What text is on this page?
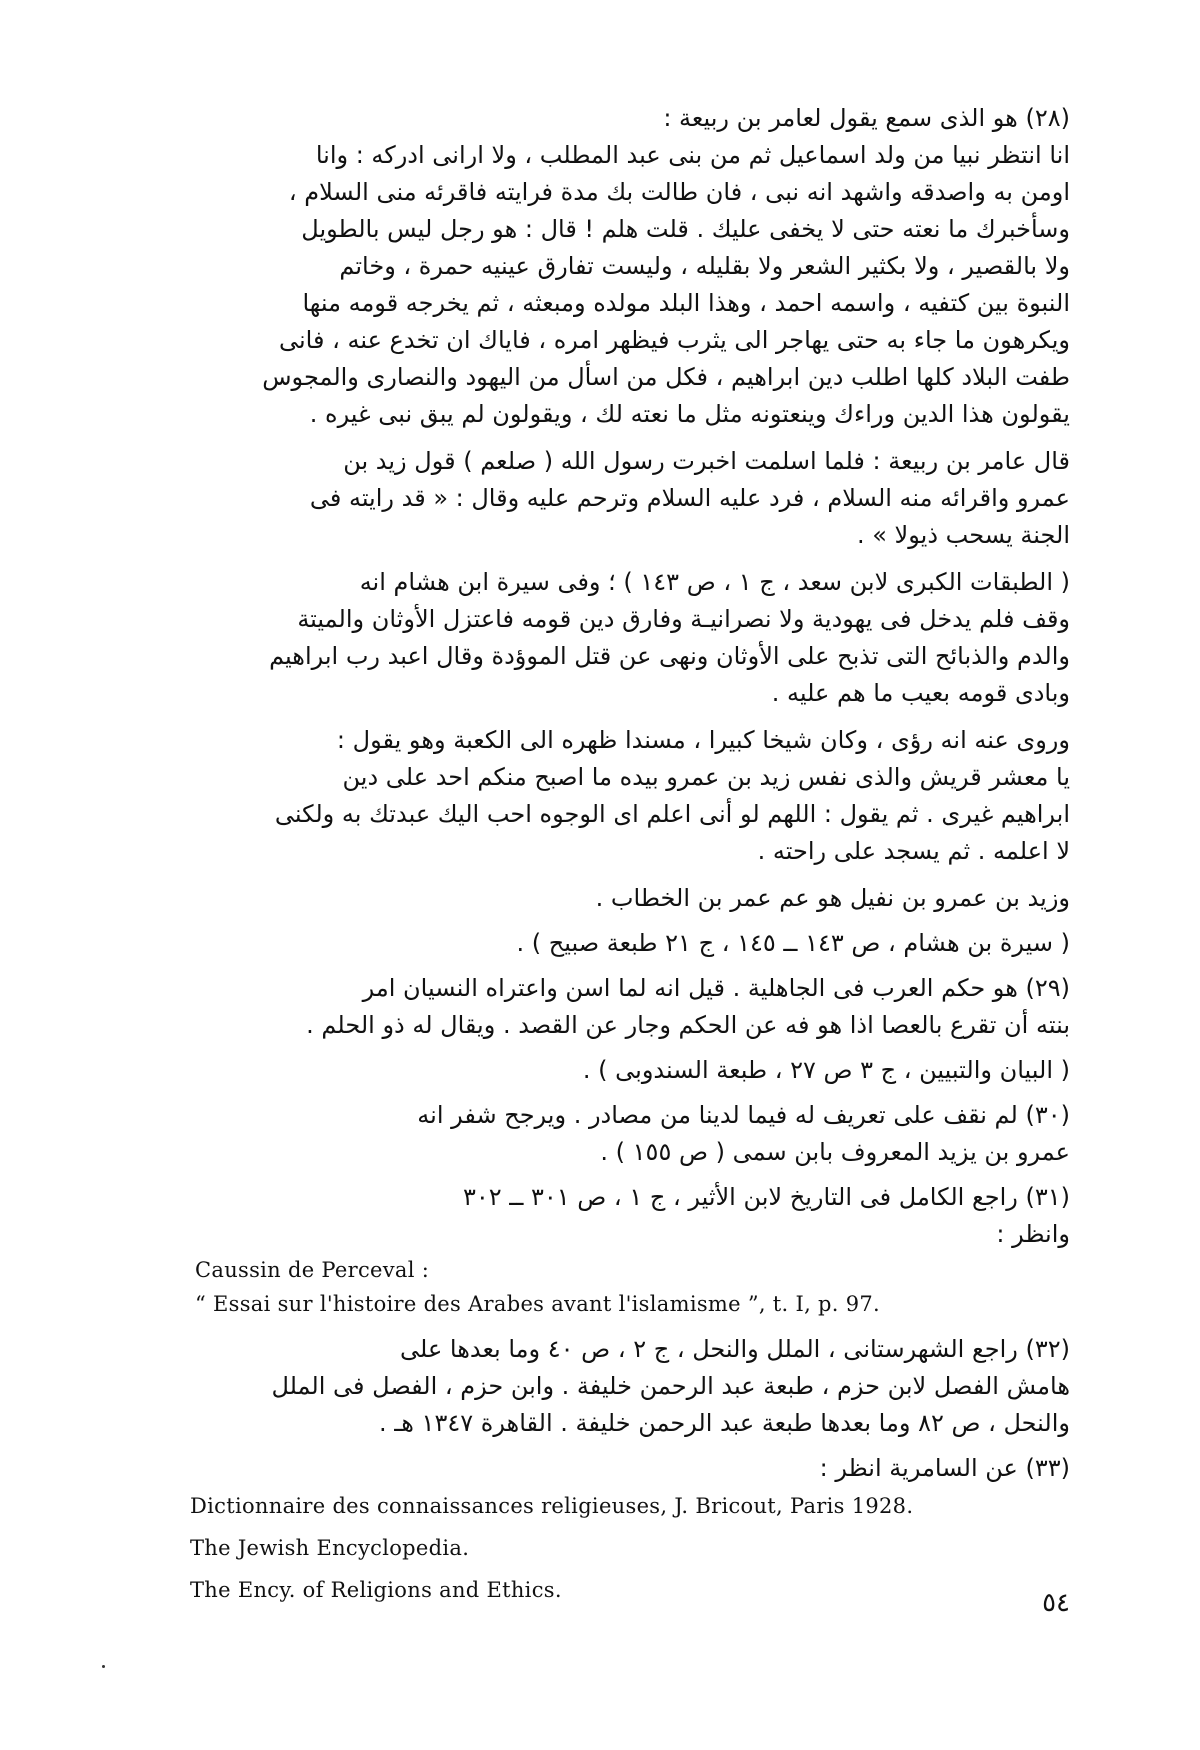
(٢٨) هو الذى سمع يقول لعامر بن ربيعة :
انا انتظر نبيا من ولد اسماعيل ثم من بنى عبد المطلب ، ولا ارانى ادركه : وانا
اومن به واصدقه واشهد انه نبى ، فان طالت بك مدة فرايته فاقرئه منى السلام ،
وسأخبرك ما نعته حتى لا يخفى عليك . قلت هلم ! قال : هو رجل ليس بالطويل
ولا بالقصير ، ولا بكثير الشعر ولا بقليله ، وليست تفارق عينيه حمرة ، وخاتم
النبوة بين كتفيه ، واسمه احمد ، وهذا البلد مولده ومبعثه ، ثم يخرجه قومه منها
ويكرهون ما جاء به حتى يهاجر الى يثرب فيظهر امره ، فاياك ان تخدع عنه ، فانى
طفت البلاد كلها اطلب دين ابراهيم ، فكل من اسأل من اليهود والنصارى والمجوس
يقولون هذا الدين وراءك وينعتونه مثل ما نعته لك ، ويقولون لم يبق نبى غيره .
قال عامر بن ربيعة : فلما اسلمت اخبرت رسول الله ( صلعم ) قول زيد بن
عمرو واقرائه منه السلام ، فرد عليه السلام وترحم عليه وقال : « قد رايته فى
الجنة يسحب ذيولا » .
( الطبقات الكبرى لابن سعد ، ج ١ ، ص ١٤٣ ) ؛ وفى سيرة ابن هشام انه
وقف فلم يدخل فى يهودية ولا نصرانيـة وفارق دين قومه فاعتزل الأوثان والميتة
والدم والذبائح التى تذبح على الأوثان ونهى عن قتل الموؤدة وقال اعبد رب ابراهيم
وبادى قومه بعيب ما هم عليه .
وروى عنه انه رؤى ، وكان شيخا كبيرا ، مسندا ظهره الى الكعبة وهو يقول :
يا معشر قريش والذى نفس زيد بن عمرو بيده ما اصبح منكم احد على دين
ابراهيم غيرى . ثم يقول : اللهم لو أنى اعلم اى الوجوه احب اليك عبدتك به ولكنى
لا اعلمه . ثم يسجد على راحته .
وزيد بن عمرو بن نفيل هو عم عمر بن الخطاب .
( سيرة بن هشام ، ص ١٤٣ ــ ١٤٥ ، ج ٢١ طبعة صبيح ) .
(٢٩) هو حكم العرب فى الجاهلية . قيل انه لما اسن واعتراه النسيان امر
بنته أن تقرع بالعصا اذا هو فه عن الحكم وجار عن القصد . ويقال له ذو الحلم .
( البيان والتبيين ، ج ٣ ص ٢٧ ، طبعة السندوبى ) .
(٣٠) لم نقف على تعريف له فيما لدينا من مصادر . ويرجح شفر انه
عمرو بن يزيد المعروف بابن سمى ( ص ١٥٥ ) .
(٣١) راجع الكامل فى التاريخ لابن الأثير ، ج ١ ، ص ٣٠١ ــ ٣٠٢
وانظر :
Caussin de Perceval :
“ Essai sur l'histoire des Arabes avant l'islamisme ”, t. I, p. 97.
(٣٢) راجع الشهرستانى ، الملل والنحل ، ج ٢ ، ص ٤٠ وما بعدها على
هامش الفصل لابن حزم ، طبعة عبد الرحمن خليفة . وابن حزم ، الفصل فى الملل
والنحل ، ص ٨٢ وما بعدها طبعة عبد الرحمن خليفة . القاهرة ١٣٤٧ هـ .
(٣٣) عن السامرية انظر :
Dictionnaire des connaissances religieuses, J. Bricout, Paris 1928.
The Jewish Encyclopedia.
The Ency. of Religions and Ethics.	٥٤
